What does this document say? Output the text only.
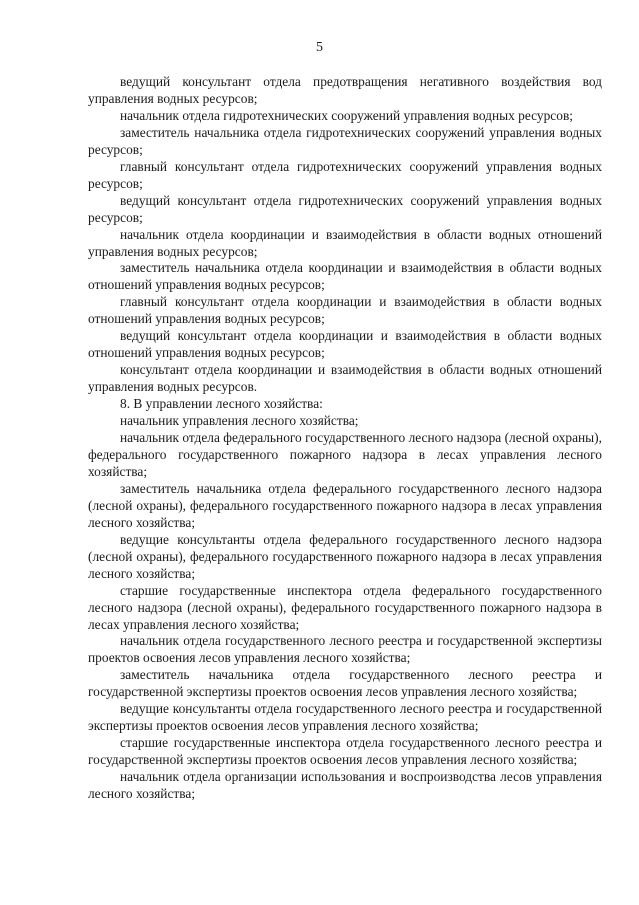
5

ведущий консультант отдела предотвращения негативного воздействия вод управления водных ресурсов;

начальник отдела гидротехнических сооружений управления водных ресурсов;

заместитель начальника отдела гидротехнических сооружений управления водных ресурсов;

главный консультант отдела гидротехнических сооружений управления водных ресурсов;

ведущий консультант отдела гидротехнических сооружений управления водных ресурсов;

начальник отдела координации и взаимодействия в области водных отношений управления водных ресурсов;

заместитель начальника отдела координации и взаимодействия в области водных отношений управления водных ресурсов;

главный консультант отдела координации и взаимодействия в области водных отношений управления водных ресурсов;

ведущий консультант отдела координации и взаимодействия в области водных отношений управления водных ресурсов;

консультант отдела координации и взаимодействия в области водных отношений управления водных ресурсов.

8. В управлении лесного хозяйства:

начальник управления лесного хозяйства;

начальник отдела федерального государственного лесного надзора (лесной охраны), федерального государственного пожарного надзора в лесах управления лесного хозяйства;

заместитель начальника отдела федерального государственного лесного надзора (лесной охраны), федерального государственного пожарного надзора в лесах управления лесного хозяйства;

ведущие консультанты отдела федерального государственного лесного надзора (лесной охраны), федерального государственного пожарного надзора в лесах управления лесного хозяйства;

старшие государственные инспектора отдела федерального государственного лесного надзора (лесной охраны), федерального государственного пожарного надзора в лесах управления лесного хозяйства;

начальник отдела государственного лесного реестра и государственной экспертизы проектов освоения лесов управления лесного хозяйства;

заместитель начальника отдела государственного лесного реестра и государственной экспертизы проектов освоения лесов управления лесного хозяйства;

ведущие консультанты отдела государственного лесного реестра и государственной экспертизы проектов освоения лесов управления лесного хозяйства;

старшие государственные инспектора отдела государственного лесного реестра и государственной экспертизы проектов освоения лесов управления лесного хозяйства;

начальник отдела организации использования и воспроизводства лесов управления лесного хозяйства;
